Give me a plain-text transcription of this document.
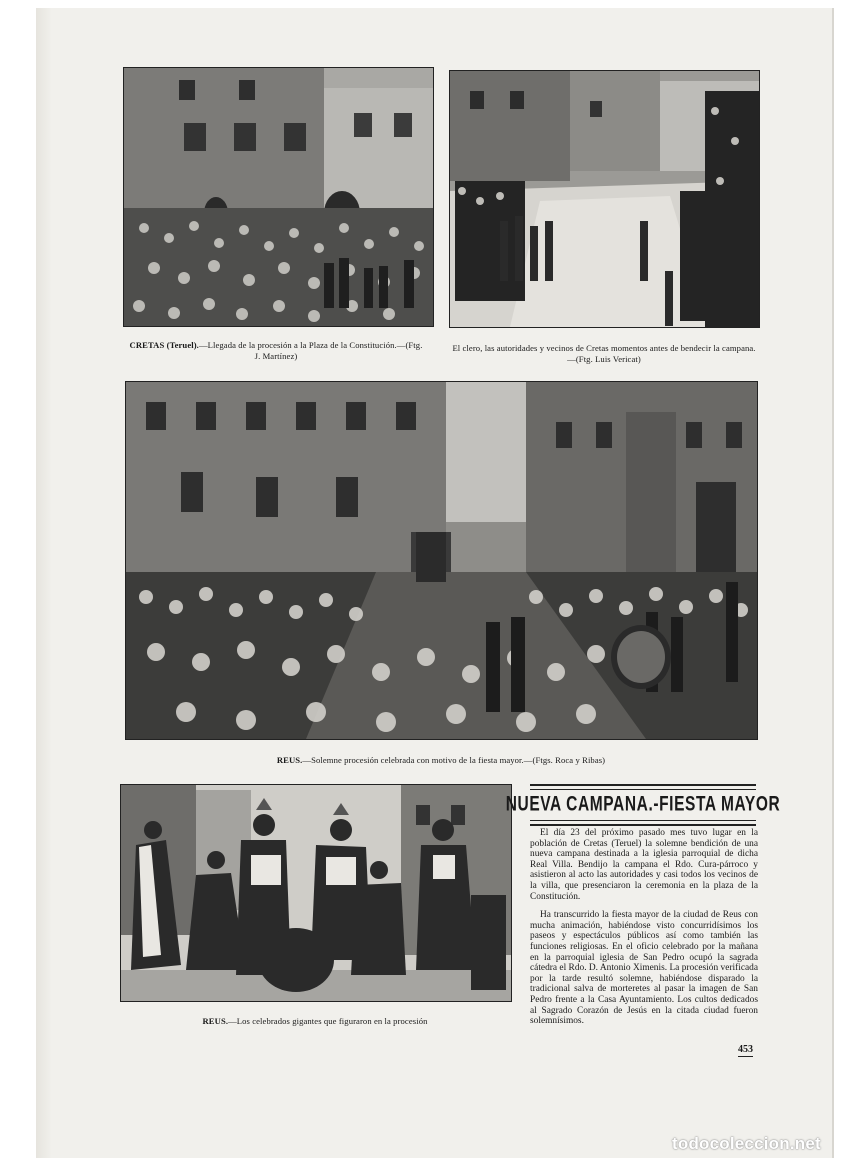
CRETAS (Teruel).—Llegada de la procesión a la Plaza de la Constitución.—(Ftg. J. Martínez)
El clero, las autoridades y vecinos de Cretas momentos antes de bendecir la campana.—(Ftg. Luis Vericat)
REUS.—Solemne procesión celebrada con motivo de la fiesta mayor.—(Ftgs. Roca y Ribas)
REUS.—Los celebrados gigantes que figuraron en la procesión
NUEVA CAMPANA.-FIESTA MAYOR

El día 23 del próximo pasado mes tuvo lugar en la población de Cretas (Teruel) la solemne bendición de una nueva campana destinada a la iglesia parroquial de dicha Real Villa. Bendijo la campana el Rdo. Cura-párroco y asistieron al acto las autoridades y casi todos los vecinos de la villa, que presenciaron la ceremonia en la plaza de la Constitución.

Ha transcurrido la fiesta mayor de la ciudad de Reus con mucha animación, habiéndose visto concurridísimos los paseos y espectáculos públicos así como también las funciones religiosas. En el oficio celebrado por la mañana en la parroquial iglesia de San Pedro ocupó la sagrada cátedra el Rdo. D. Antonio Ximenis. La procesión verificada por la tarde resultó solemne, habiéndose disparado la tradicional salva de morteretes al pasar la imagen de San Pedro frente a la Casa Ayuntamiento. Los cultos dedicados al Sagrado Corazón de Jesús en la citada ciudad fueron solemnísimos.

453
todocoleccion.net
